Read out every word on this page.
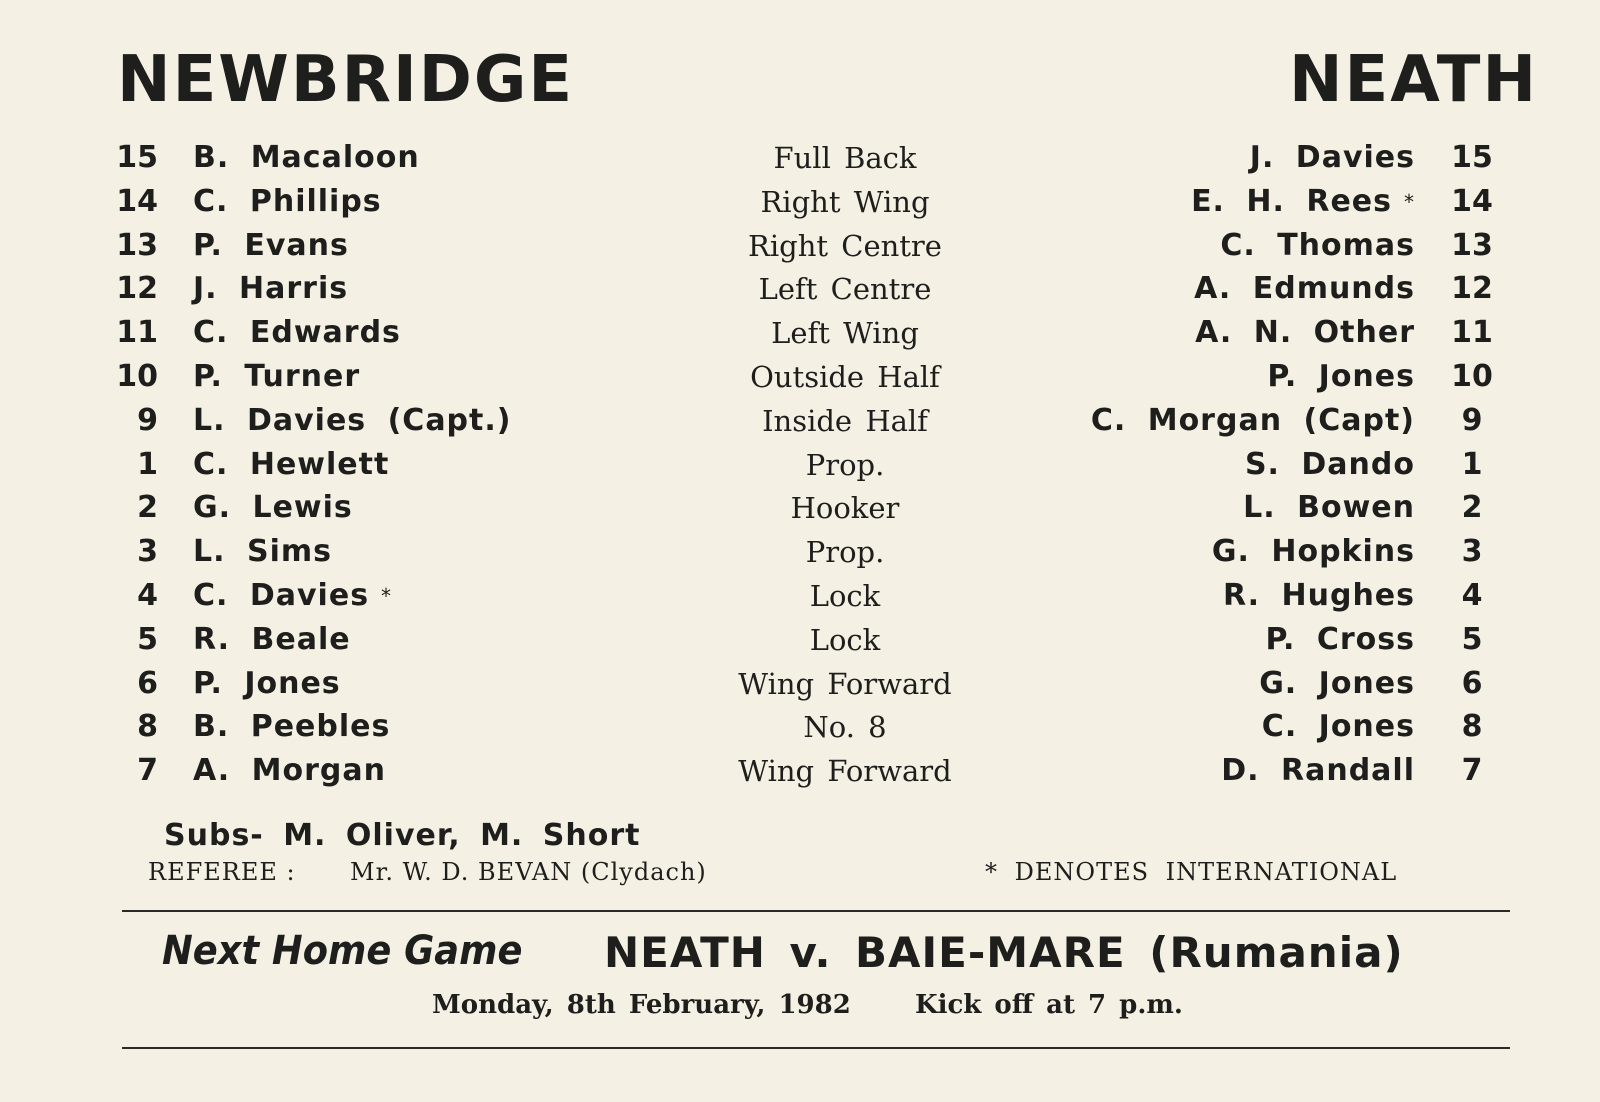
NEWBRIDGE	NEATH
15 B. Macaloon	Full Back	J. Davies	15
14 C. Phillips	Right Wing	E. H. Rees *	14
13 P. Evans	Right Centre	C. Thomas	13
12 J. Harris	Left Centre	A. Edmunds	12
11 C. Edwards	Left Wing	A. N. Other	11
10 P. Turner	Outside Half	P. Jones	10
9 L. Davies (Capt.)	Inside Half	C. Morgan (Capt)	9
1 C. Hewlett	Prop.	S. Dando	1
2 G. Lewis	Hooker	L. Bowen	2
3 L. Sims	Prop.	G. Hopkins	3
4 C. Davies *	Lock	R. Hughes	4
5 R. Beale	Lock	P. Cross	5
6 P. Jones	Wing Forward	G. Jones	6
8 B. Peebles	No. 8	C. Jones	8
7 A. Morgan	Wing Forward	D. Randall	7
Subs- M. Oliver, M. Short
REFEREE : Mr. W. D. BEVAN (Clydach)	* DENOTES INTERNATIONAL
Next Home Game NEATH v. BAIE-MARE (Rumania)
Monday, 8th February, 1982 Kick off at 7 p.m.
